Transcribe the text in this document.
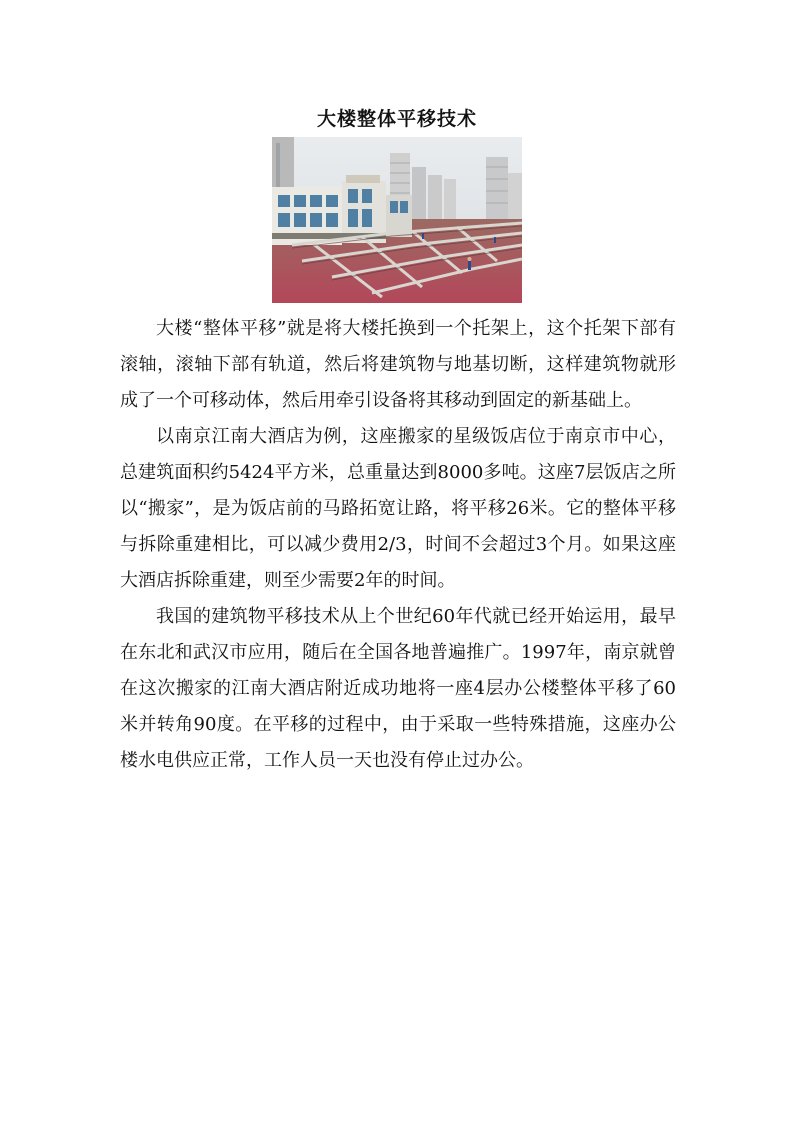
大楼整体平移技术

大楼“整体平移”就是将大楼托换到一个托架上，这个托架下部有滚轴，滚轴下部有轨道，然后将建筑物与地基切断，这样建筑物就形成了一个可移动体，然后用牵引设备将其移动到固定的新基础上。

以南京江南大酒店为例，这座搬家的星级饭店位于南京市中心，总建筑面积约5424平方米，总重量达到8000多吨。这座7层饭店之所以“搬家”，是为饭店前的马路拓宽让路，将平移26米。它的整体平移与拆除重建相比，可以减少费用2/3，时间不会超过3个月。如果这座大酒店拆除重建，则至少需要2年的时间。

我国的建筑物平移技术从上个世纪60年代就已经开始运用，最早在东北和武汉市应用，随后在全国各地普遍推广。1997年，南京就曾在这次搬家的江南大酒店附近成功地将一座4层办公楼整体平移了60米并转角90度。在平移的过程中，由于采取一些特殊措施，这座办公楼水电供应正常，工作人员一天也没有停止过办公。
